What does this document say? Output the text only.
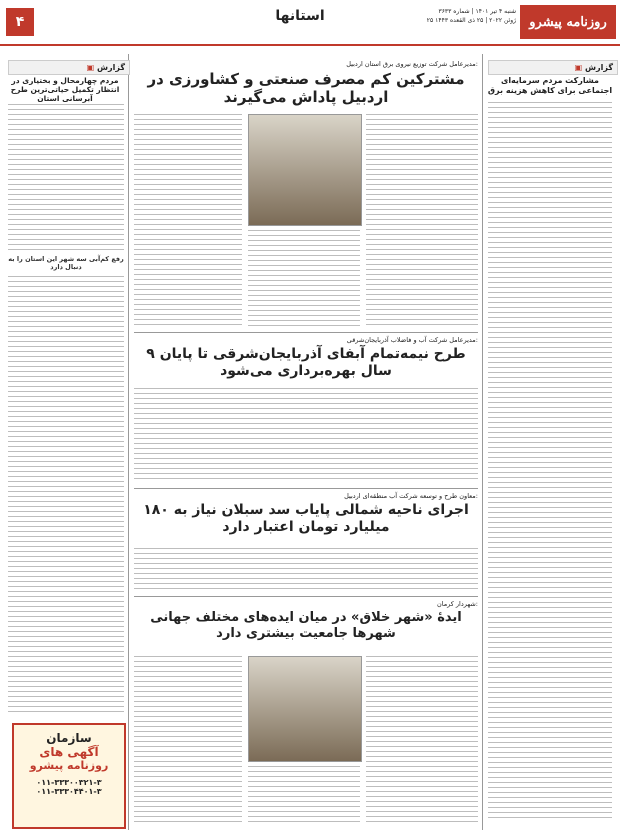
۴	استانها	شنبه ۴ تیر ۱۴۰۱ | شماره ۳۶۳۳
۲۵ ژوئن ۲۰۲۲ | ۲۵ ذی القعده ۱۴۴۳	روزنامه پیشرو
▣ گزارش
مشارکت مردم سرمایه‌ای اجتماعی برای کاهش هزینه برق
▣ گزارش
مردم چهارمحال و بختیاری در انتظار تکمیل حیاتی‌ترین طرح آبرسانی استان
رفع کم‌آبی سه شهر این استان را به دنبال دارد
سازمان
آگهی های
روزنامه پیشرو
۰۱۱-۳۳۳۰۰۳۲۱-۳
۰۱۱-۳۳۳۰۴۴۰۱-۳
مدیرعامل شرکت توزیع نیروی برق استان اردبیل:
مشترکین کم مصرف صنعتی و کشاورزی در اردبیل پاداش می‌گیرند
مدیرعامل شرکت آب و فاضلاب آذربایجان‌شرقی:
۹ طرح نیمه‌تمام آبفای آذربایجان‌شرقی تا پایان سال بهره‌برداری می‌شود
معاون طرح و توسعه شرکت آب منطقه‌ای اردبیل:
اجرای ناحیه شمالی پایاب سد سبلان نیاز به ۱۸۰ میلیارد تومان اعتبار دارد
شهردار کرمان:
ایدهٔ «شهر خلاق» در میان ایده‌های مختلف جهانی شهرها جامعیت بیشتری دارد
